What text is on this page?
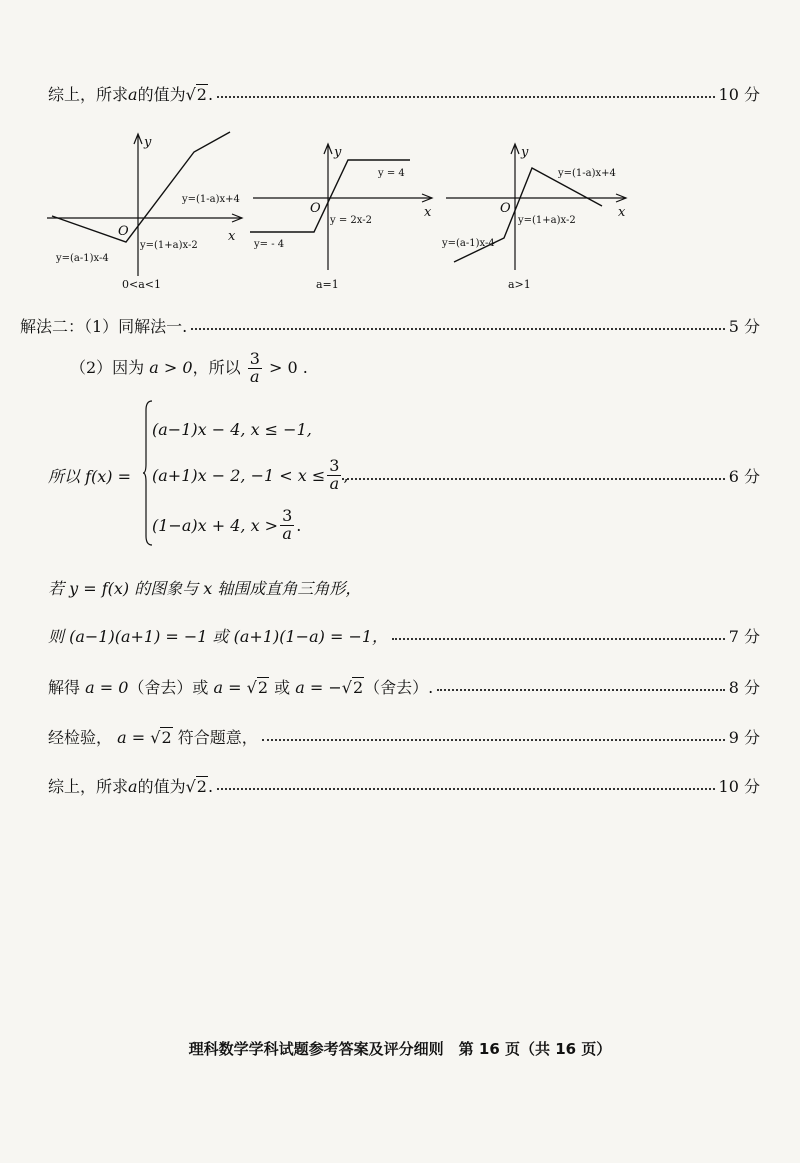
综上，所求a的值为√2.	10 分
y
x
O
y=(a-1)x-4
y=(1+a)x-2
y=(1-a)x+4
0<a<1
y
x
O
y= - 4
y = 2x-2
y = 4
a=1
y
x
O
y=(a-1)x-4
y=(1+a)x-2
y=(1-a)x+4
a>1
解法二：（1）同解法一.	5 分
（2）因为 a > 0，所以 $\frac{3}{a} > 0$ .
所以 f(x) =
(a−1)x − 4, x ≤ −1,
(a+1)x − 2, $-1 < x \le \frac{3}{a}$ ,
(1−a)x + 4, $x > \frac{3}{a}$ .
6 分
若 y = f(x) 的图象与 x 轴围成直角三角形，
则 (a−1)(a+1) = −1 或 (a+1)(1−a) = −1，	7 分
解得 a = 0（舍去）或 a = √2 或 a = −√2（舍去）.	8 分
经检验， a = √2 符合题意，	9 分
综上，所求a的值为√2.	10 分
理科数学学科试题参考答案及评分细则　第 16 页（共 16 页）
